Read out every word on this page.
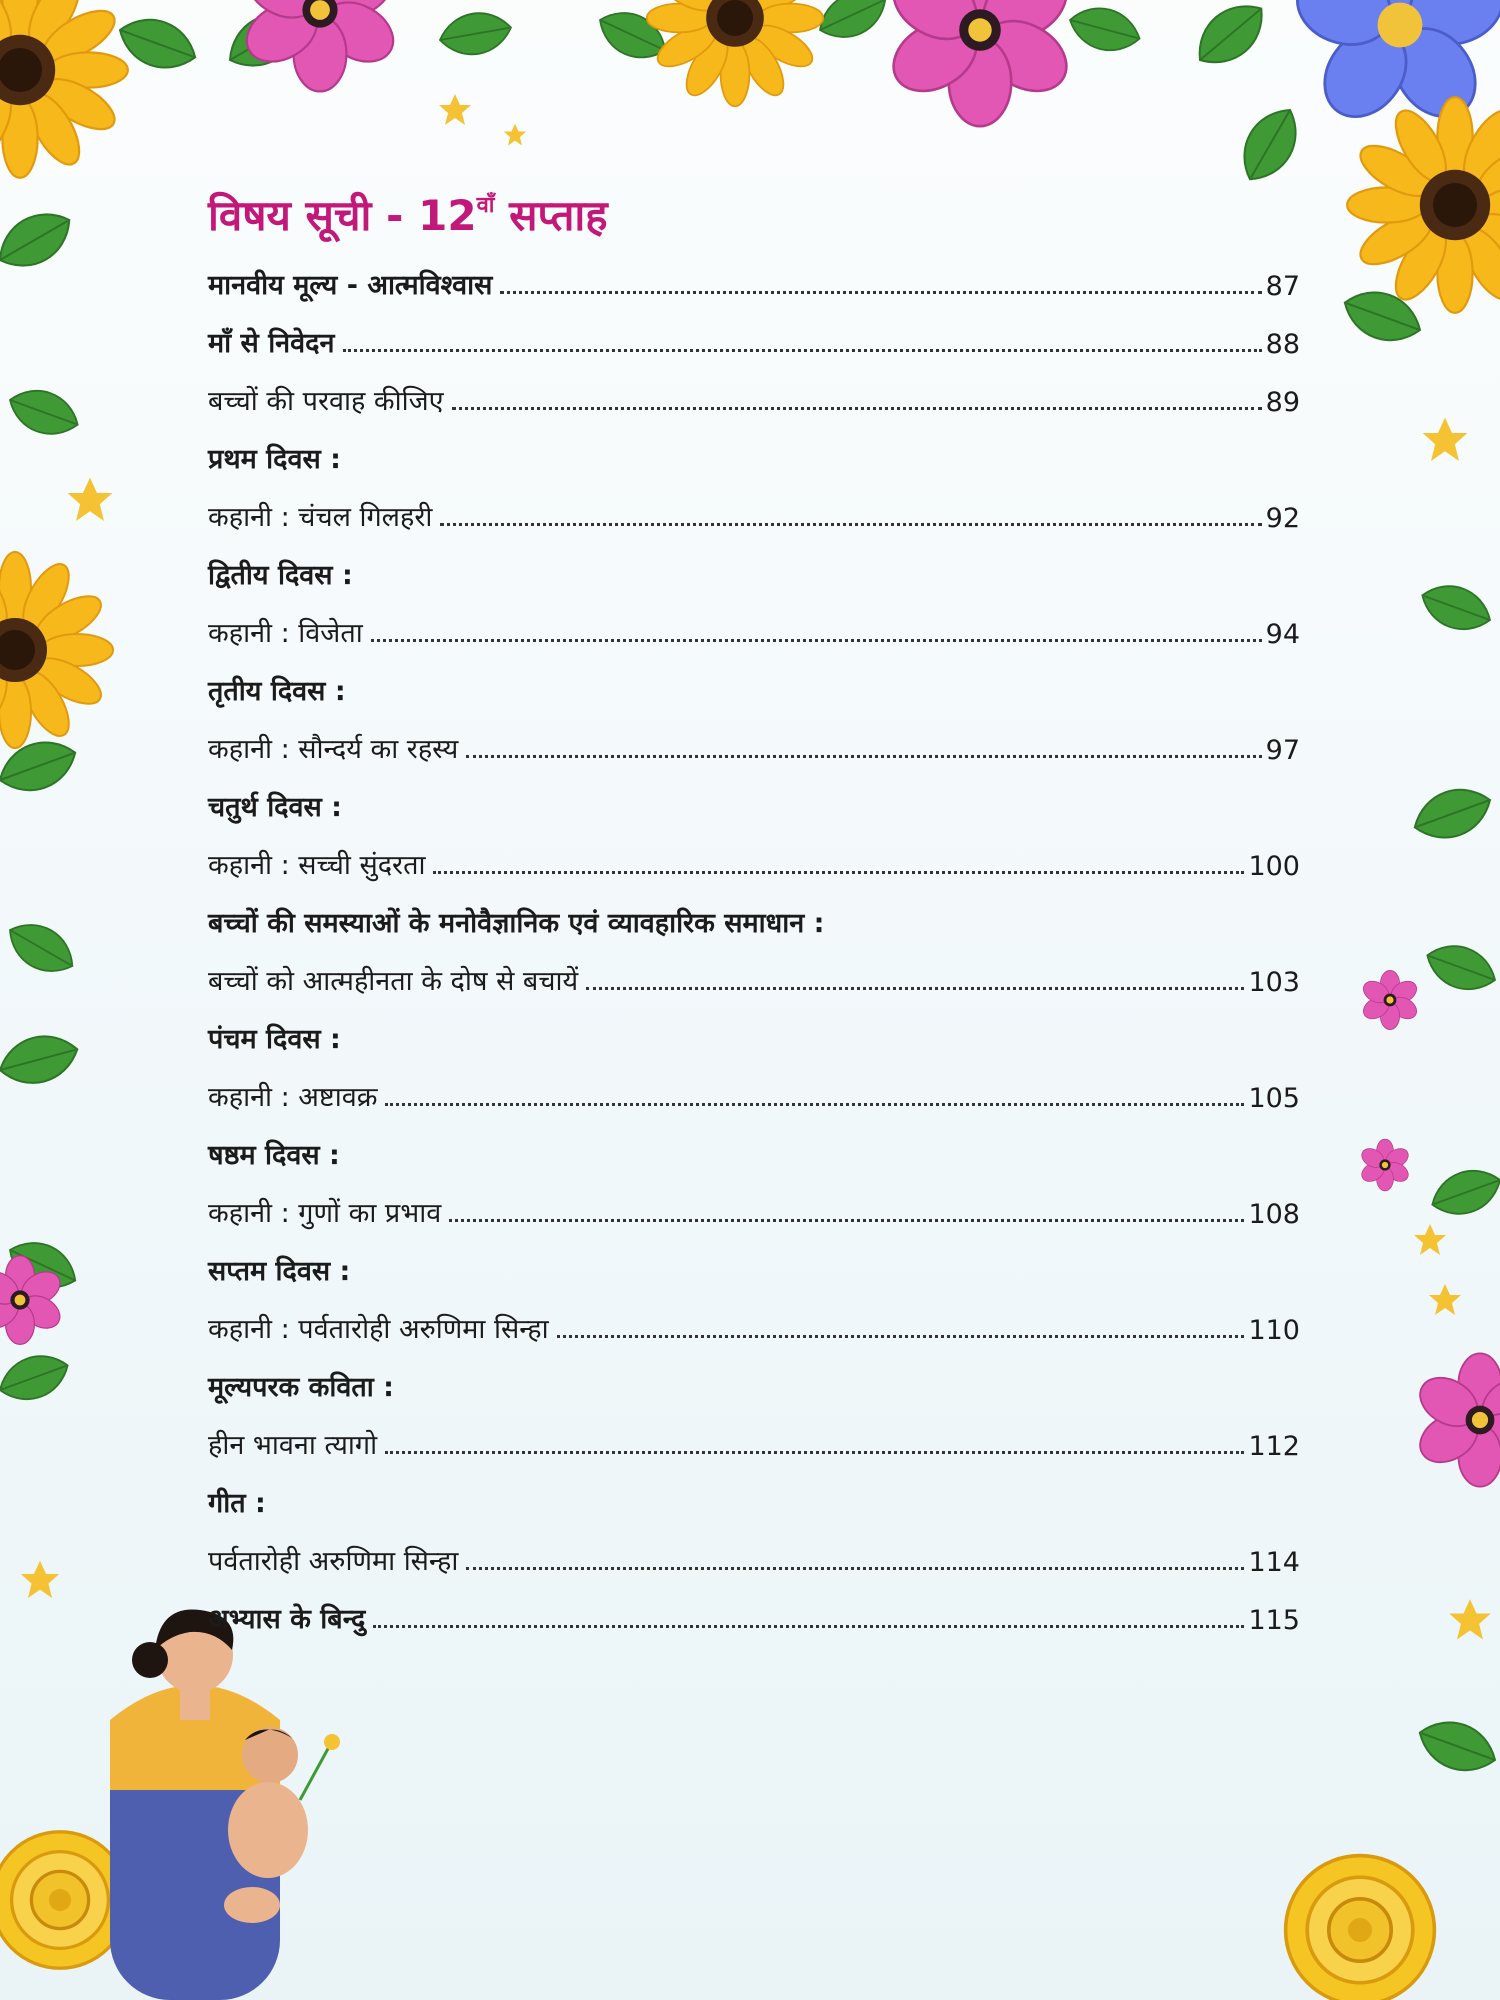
विषय सूची - $12^{वाँ}$ सप्ताह
मानवीय मूल्य - आत्मविश्वास	87
माँ से निवेदन	88
बच्चों की परवाह कीजिए	89
प्रथम दिवस :
कहानी : चंचल गिलहरी	92
द्वितीय दिवस :
कहानी : विजेता	94
तृतीय दिवस :
कहानी : सौन्दर्य का रहस्य	97
चतुर्थ दिवस :
कहानी : सच्ची सुंदरता	100
बच्चों की समस्याओं के मनोवैज्ञानिक एवं व्यावहारिक समाधान :
बच्चों को आत्महीनता के दोष से बचायें	103
पंचम दिवस :
कहानी : अष्टावक्र	105
षष्ठम दिवस :
कहानी : गुणों का प्रभाव	108
सप्तम दिवस :
कहानी : पर्वतारोही अरुणिमा सिन्हा	110
मूल्यपरक कविता :
हीन भावना त्यागो	112
गीत :
पर्वतारोही अरुणिमा सिन्हा	114
अभ्यास के बिन्दु	115
